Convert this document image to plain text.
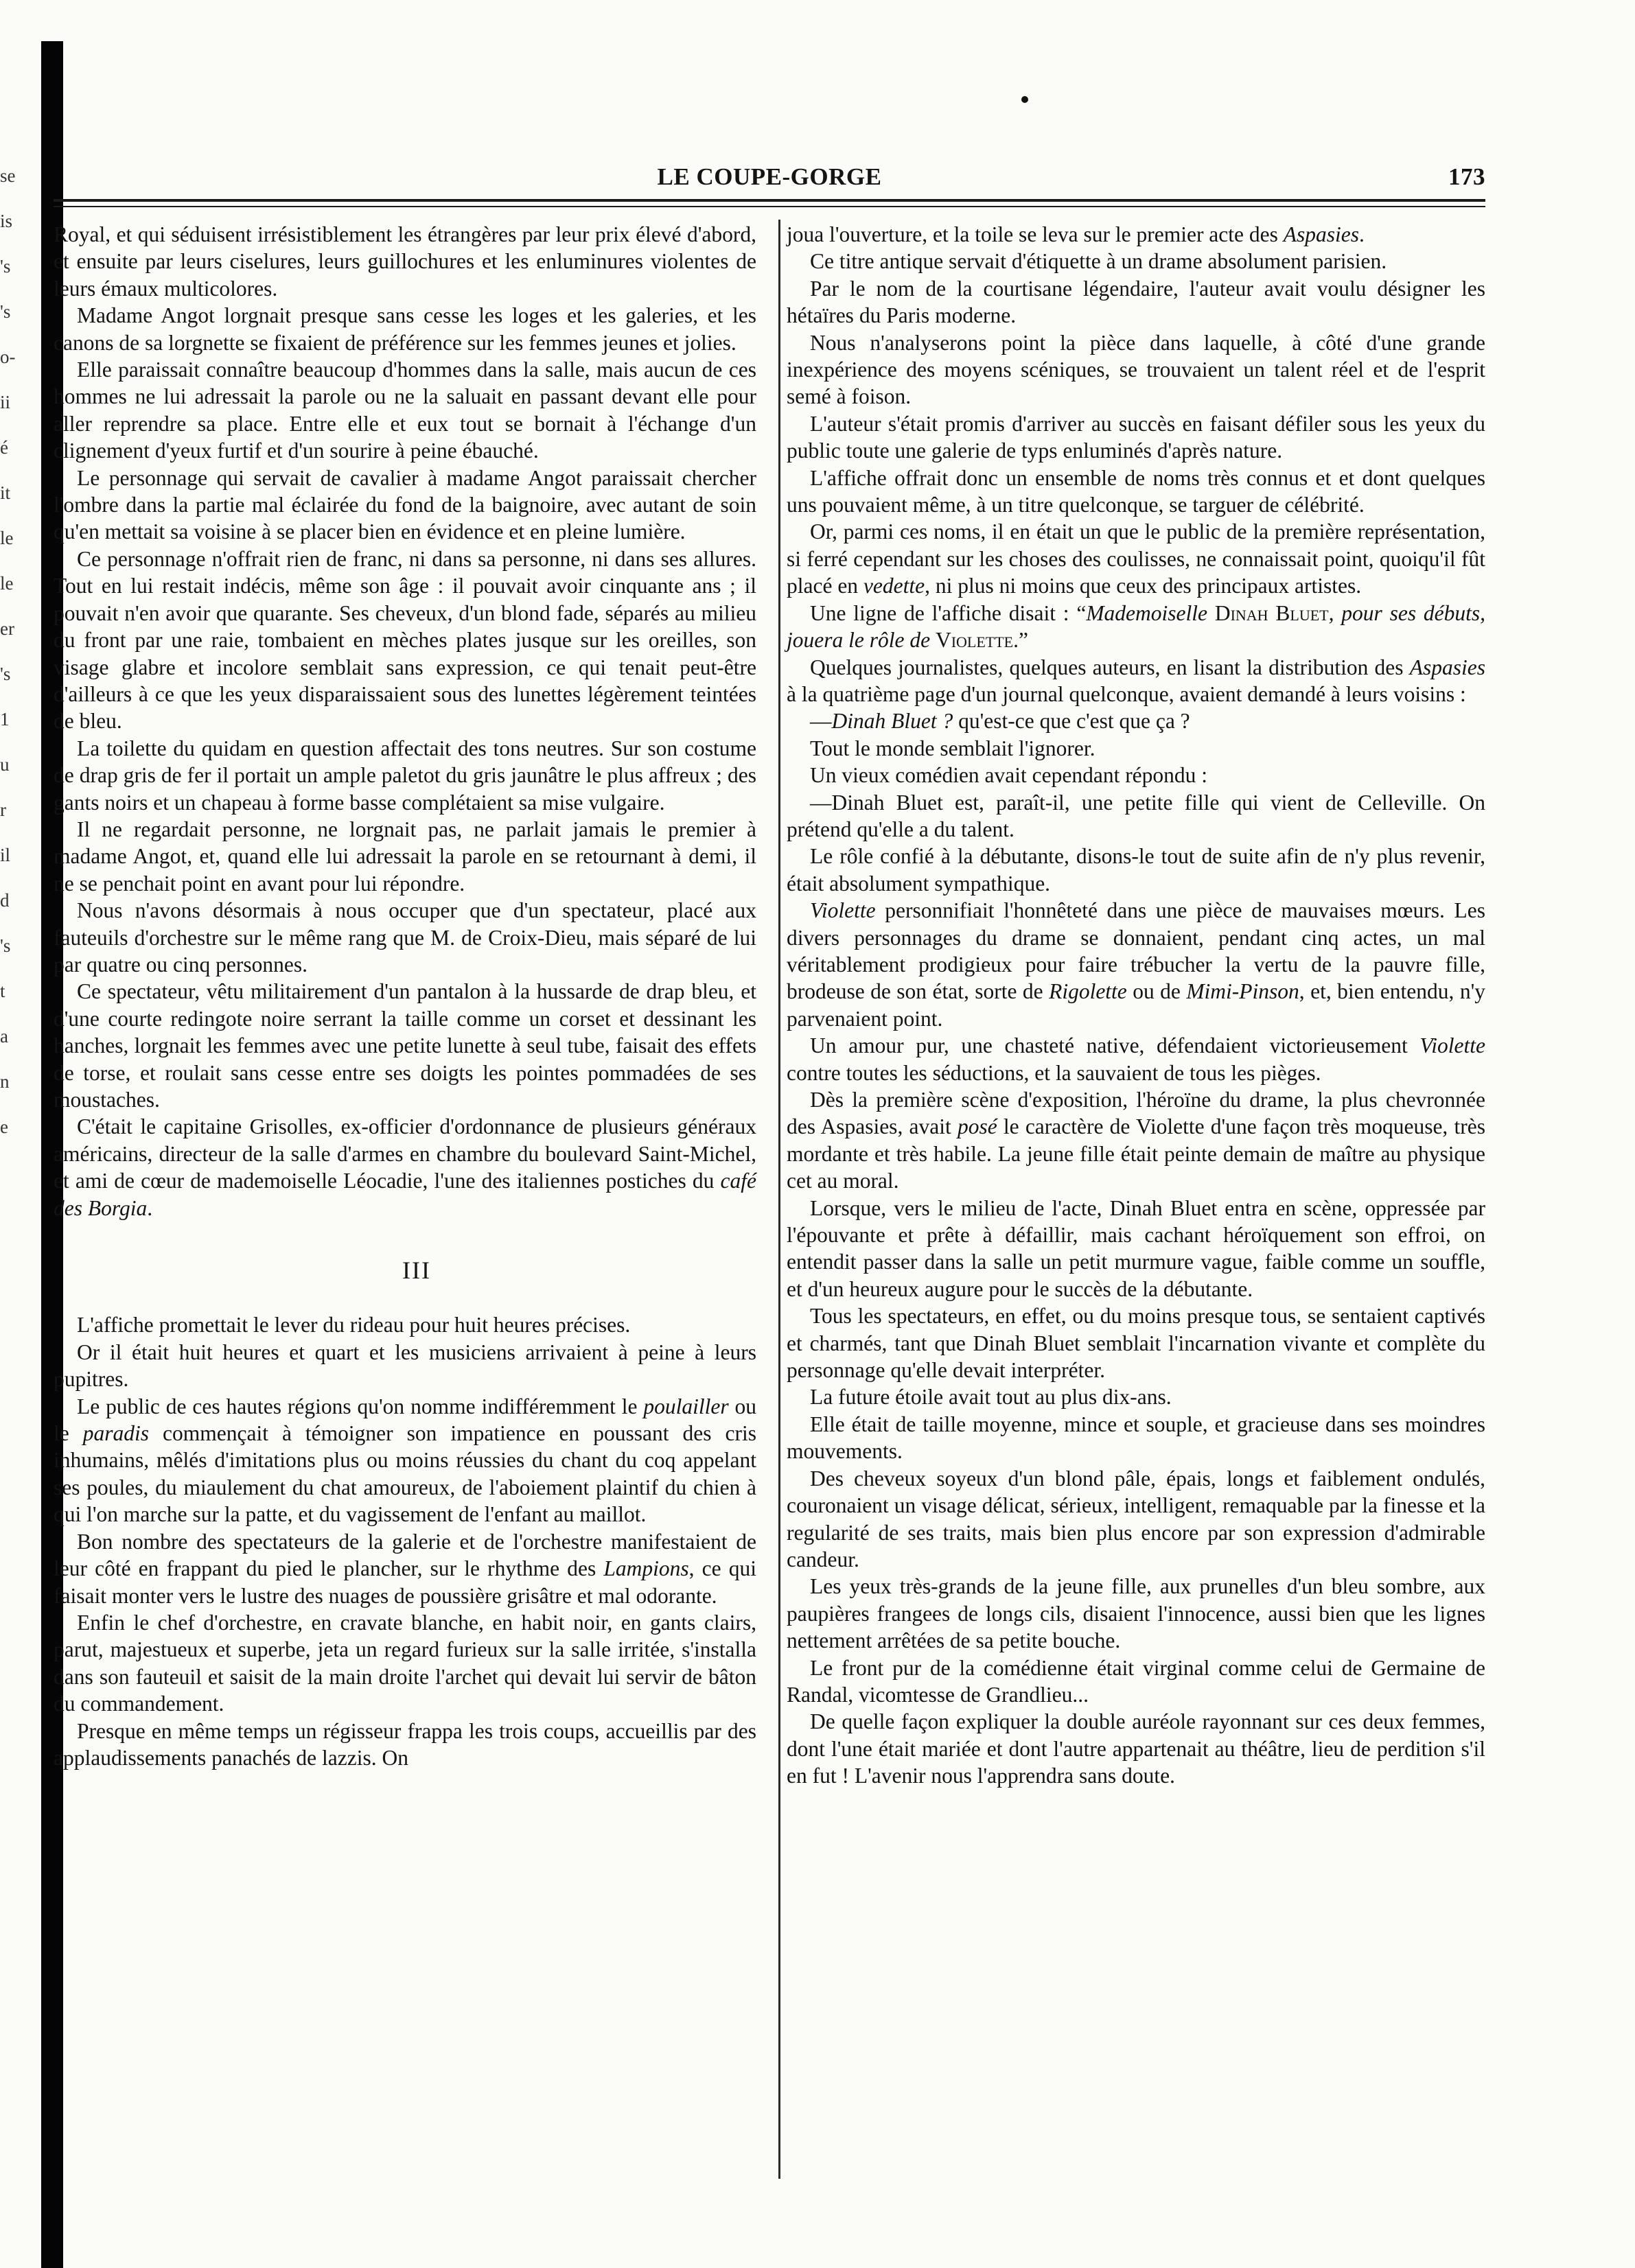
se
is
's
's
o-
ii
é
it
le
le
er
's
1
u
r
il
d
's
t
a
n
e
LE COUPE-GORGE	173

Royal, et qui séduisent irrésistiblement les étrangères par leur prix élevé d'abord, et ensuite par leurs ciselures, leurs guillochures et les enluminures violentes de leurs émaux multicolores.

Madame Angot lorgnait presque sans cesse les loges et les galeries, et les canons de sa lorgnette se fixaient de préférence sur les femmes jeunes et jolies.

Elle paraissait connaître beaucoup d'hommes dans la salle, mais aucun de ces hommes ne lui adressait la parole ou ne la saluait en passant devant elle pour aller reprendre sa place. Entre elle et eux tout se bornait à l'échange d'un clignement d'yeux furtif et d'un sourire à peine ébauché.

Le personnage qui servait de cavalier à madame Angot paraissait chercher l'ombre dans la partie mal éclairée du fond de la baignoire, avec autant de soin qu'en mettait sa voisine à se placer bien en évidence et en pleine lumière.

Ce personnage n'offrait rien de franc, ni dans sa personne, ni dans ses allures. Tout en lui restait indécis, même son âge : il pouvait avoir cinquante ans ; il pouvait n'en avoir que quarante. Ses cheveux, d'un blond fade, séparés au milieu du front par une raie, tombaient en mèches plates jusque sur les oreilles, son visage glabre et incolore semblait sans expression, ce qui tenait peut-être d'ailleurs à ce que les yeux disparaissaient sous des lunettes légèrement teintées de bleu.

La toilette du quidam en question affectait des tons neutres. Sur son costume de drap gris de fer il portait un ample paletot du gris jaunâtre le plus affreux ; des gants noirs et un chapeau à forme basse complétaient sa mise vulgaire.

Il ne regardait personne, ne lorgnait pas, ne parlait jamais le premier à madame Angot, et, quand elle lui adressait la parole en se retournant à demi, il ne se penchait point en avant pour lui répondre.

Nous n'avons désormais à nous occuper que d'un spectateur, placé aux fauteuils d'orchestre sur le même rang que M. de Croix-Dieu, mais séparé de lui par quatre ou cinq personnes.

Ce spectateur, vêtu militairement d'un pantalon à la hussarde de drap bleu, et d'une courte redingote noire serrant la taille comme un corset et dessinant les hanches, lorgnait les femmes avec une petite lunette à seul tube, faisait des effets de torse, et roulait sans cesse entre ses doigts les pointes pommadées de ses moustaches.

C'était le capitaine Grisolles, ex-officier d'ordonnance de plusieurs généraux américains, directeur de la salle d'armes en chambre du boulevard Saint-Michel, et ami de cœur de mademoiselle Léocadie, l'une des italiennes postiches du café des Borgia.

III

L'affiche promettait le lever du rideau pour huit heures précises.

Or il était huit heures et quart et les musiciens arrivaient à peine à leurs pupitres.

Le public de ces hautes régions qu'on nomme indifféremment le poulailler ou le paradis commençait à témoigner son impatience en poussant des cris inhumains, mêlés d'imitations plus ou moins réussies du chant du coq appelant ses poules, du miaulement du chat amoureux, de l'aboiement plaintif du chien à qui l'on marche sur la patte, et du vagissement de l'enfant au maillot.

Bon nombre des spectateurs de la galerie et de l'orchestre manifestaient de leur côté en frappant du pied le plancher, sur le rhythme des Lampions, ce qui faisait monter vers le lustre des nuages de poussière grisâtre et mal odorante.

Enfin le chef d'orchestre, en cravate blanche, en habit noir, en gants clairs, parut, majestueux et superbe, jeta un regard furieux sur la salle irritée, s'installa dans son fauteuil et saisit de la main droite l'archet qui devait lui servir de bâton du commandement.

Presque en même temps un régisseur frappa les trois coups, accueillis par des applaudissements panachés de lazzis. On

joua l'ouverture, et la toile se leva sur le premier acte des Aspasies.

Ce titre antique servait d'étiquette à un drame absolument parisien.

Par le nom de la courtisane légendaire, l'auteur avait voulu désigner les hétaïres du Paris moderne.

Nous n'analyserons point la pièce dans laquelle, à côté d'une grande inexpérience des moyens scéniques, se trouvaient un talent réel et de l'esprit semé à foison.

L'auteur s'était promis d'arriver au succès en faisant défiler sous les yeux du public toute une galerie de typs enluminés d'après nature.

L'affiche offrait donc un ensemble de noms très connus et et dont quelques uns pouvaient même, à un titre quelconque, se targuer de célébrité.

Or, parmi ces noms, il en était un que le public de la première représentation, si ferré cependant sur les choses des coulisses, ne connaissait point, quoiqu'il fût placé en vedette, ni plus ni moins que ceux des principaux artistes.

Une ligne de l'affiche disait : “Mademoiselle Dinah Bluet, pour ses débuts, jouera le rôle de Violette.”

Quelques journalistes, quelques auteurs, en lisant la distribution des Aspasies à la quatrième page d'un journal quelconque, avaient demandé à leurs voisins :

—Dinah Bluet ? qu'est-ce que c'est que ça ?

Tout le monde semblait l'ignorer.

Un vieux comédien avait cependant répondu :

—Dinah Bluet est, paraît-il, une petite fille qui vient de Celleville. On prétend qu'elle a du talent.

Le rôle confié à la débutante, disons-le tout de suite afin de n'y plus revenir, était absolument sympathique.

Violette personnifiait l'honnêteté dans une pièce de mauvaises mœurs. Les divers personnages du drame se donnaient, pendant cinq actes, un mal véritablement prodigieux pour faire trébucher la vertu de la pauvre fille, brodeuse de son état, sorte de Rigolette ou de Mimi-Pinson, et, bien entendu, n'y parvenaient point.

Un amour pur, une chasteté native, défendaient victorieusement Violette contre toutes les séductions, et la sauvaient de tous les pièges.

Dès la première scène d'exposition, l'héroïne du drame, la plus chevronnée des Aspasies, avait posé le caractère de Violette d'une façon très moqueuse, très mordante et très habile. La jeune fille était peinte demain de maître au physique cet au moral.

Lorsque, vers le milieu de l'acte, Dinah Bluet entra en scène, oppressée par l'épouvante et prête à défaillir, mais cachant héroïquement son effroi, on entendit passer dans la salle un petit murmure vague, faible comme un souffle, et d'un heureux augure pour le succès de la débutante.

Tous les spectateurs, en effet, ou du moins presque tous, se sentaient captivés et charmés, tant que Dinah Bluet semblait l'incarnation vivante et complète du personnage qu'elle devait interpréter.

La future étoile avait tout au plus dix-ans.

Elle était de taille moyenne, mince et souple, et gracieuse dans ses moindres mouvements.

Des cheveux soyeux d'un blond pâle, épais, longs et faiblement ondulés, couronaient un visage délicat, sérieux, intelligent, remaquable par la finesse et la regularité de ses traits, mais bien plus encore par son expression d'admirable candeur.

Les yeux très-grands de la jeune fille, aux prunelles d'un bleu sombre, aux paupières frangees de longs cils, disaient l'innocence, aussi bien que les lignes nettement arrêtées de sa petite bouche.

Le front pur de la comédienne était virginal comme celui de Germaine de Randal, vicomtesse de Grandlieu...

De quelle façon expliquer la double auréole rayonnant sur ces deux femmes, dont l'une était mariée et dont l'autre appartenait au théâtre, lieu de perdition s'il en fut ! L'avenir nous l'apprendra sans doute.
